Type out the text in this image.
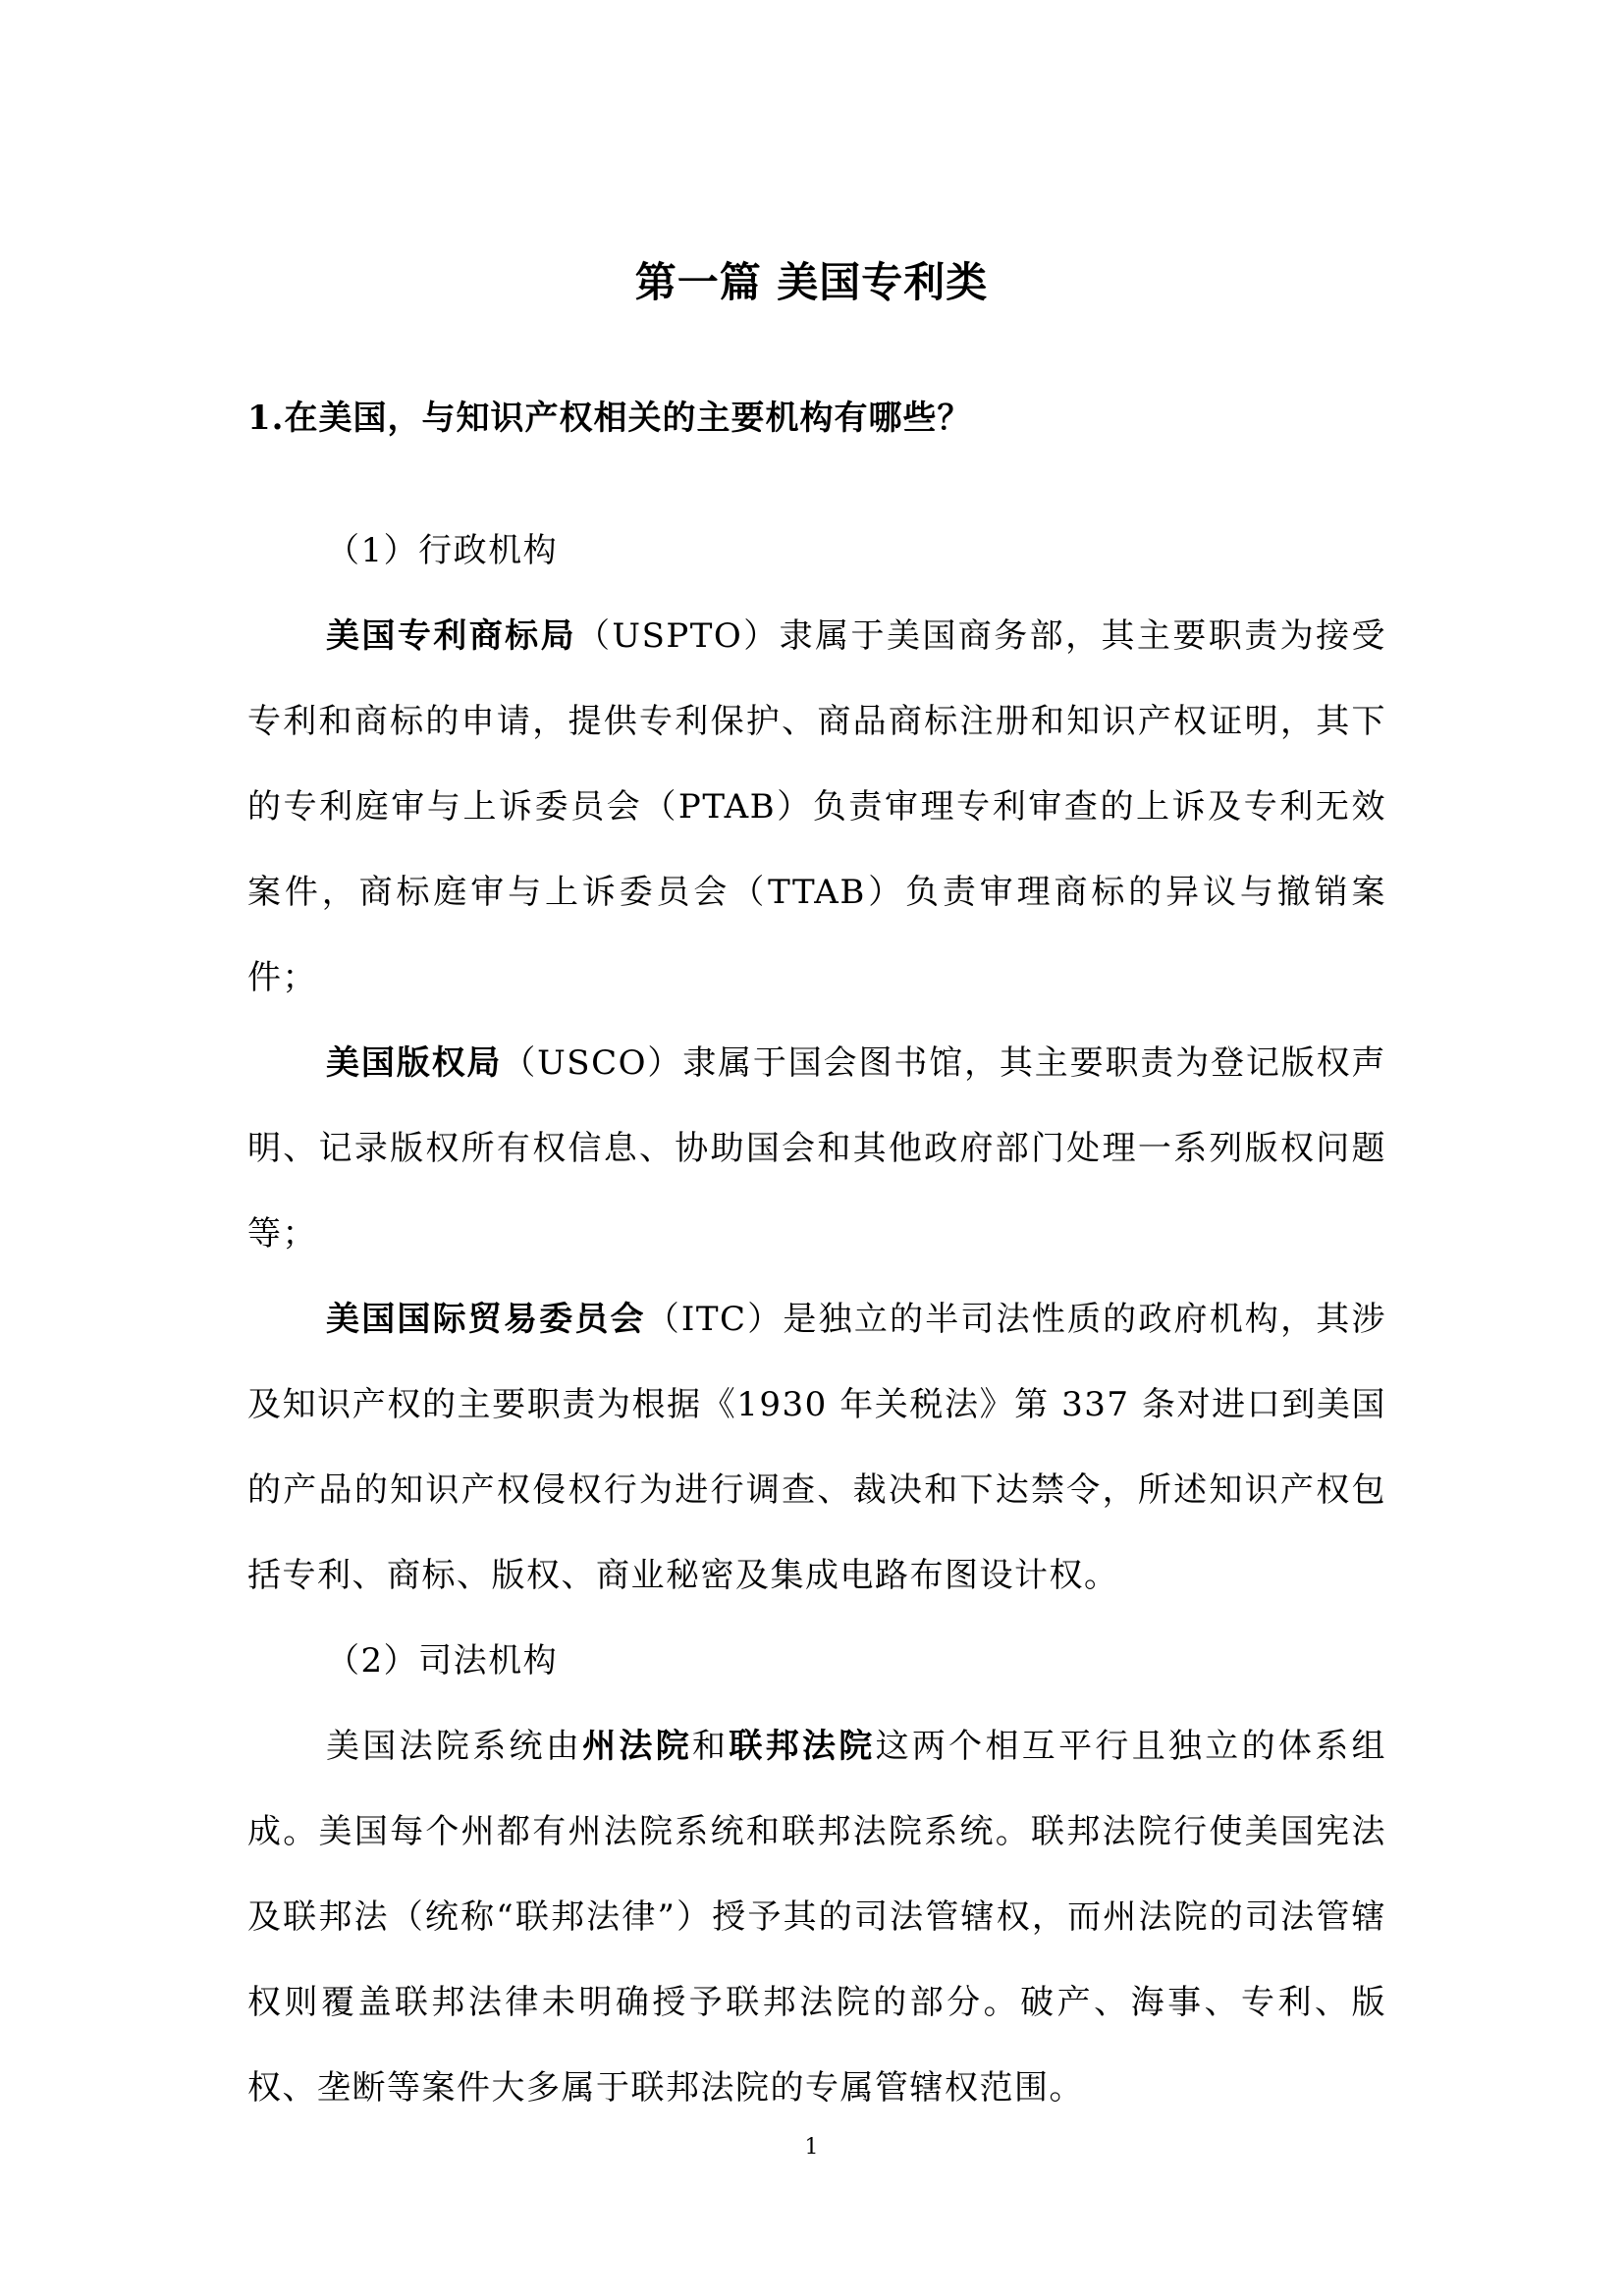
第一篇 美国专利类
1.在美国，与知识产权相关的主要机构有哪些？

（1）行政机构

美国专利商标局（USPTO）隶属于美国商务部，其主要职责为接受专利和商标的申请，提供专利保护、商品商标注册和知识产权证明，其下的专利庭审与上诉委员会（PTAB）负责审理专利审查的上诉及专利无效案件，商标庭审与上诉委员会（TTAB）负责审理商标的异议与撤销案件；

美国版权局（USCO）隶属于国会图书馆，其主要职责为登记版权声明、记录版权所有权信息、协助国会和其他政府部门处理一系列版权问题等；

美国国际贸易委员会（ITC）是独立的半司法性质的政府机构，其涉及知识产权的主要职责为根据《1930 年关税法》第 337 条对进口到美国的产品的知识产权侵权行为进行调查、裁决和下达禁令，所述知识产权包括专利、商标、版权、商业秘密及集成电路布图设计权。

（2）司法机构

美国法院系统由州法院和联邦法院这两个相互平行且独立的体系组成。美国每个州都有州法院系统和联邦法院系统。联邦法院行使美国宪法及联邦法（统称“联邦法律”）授予其的司法管辖权，而州法院的司法管辖权则覆盖联邦法律未明确授予联邦法院的部分。破产、海事、专利、版权、垄断等案件大多属于联邦法院的专属管辖权范围。

1
